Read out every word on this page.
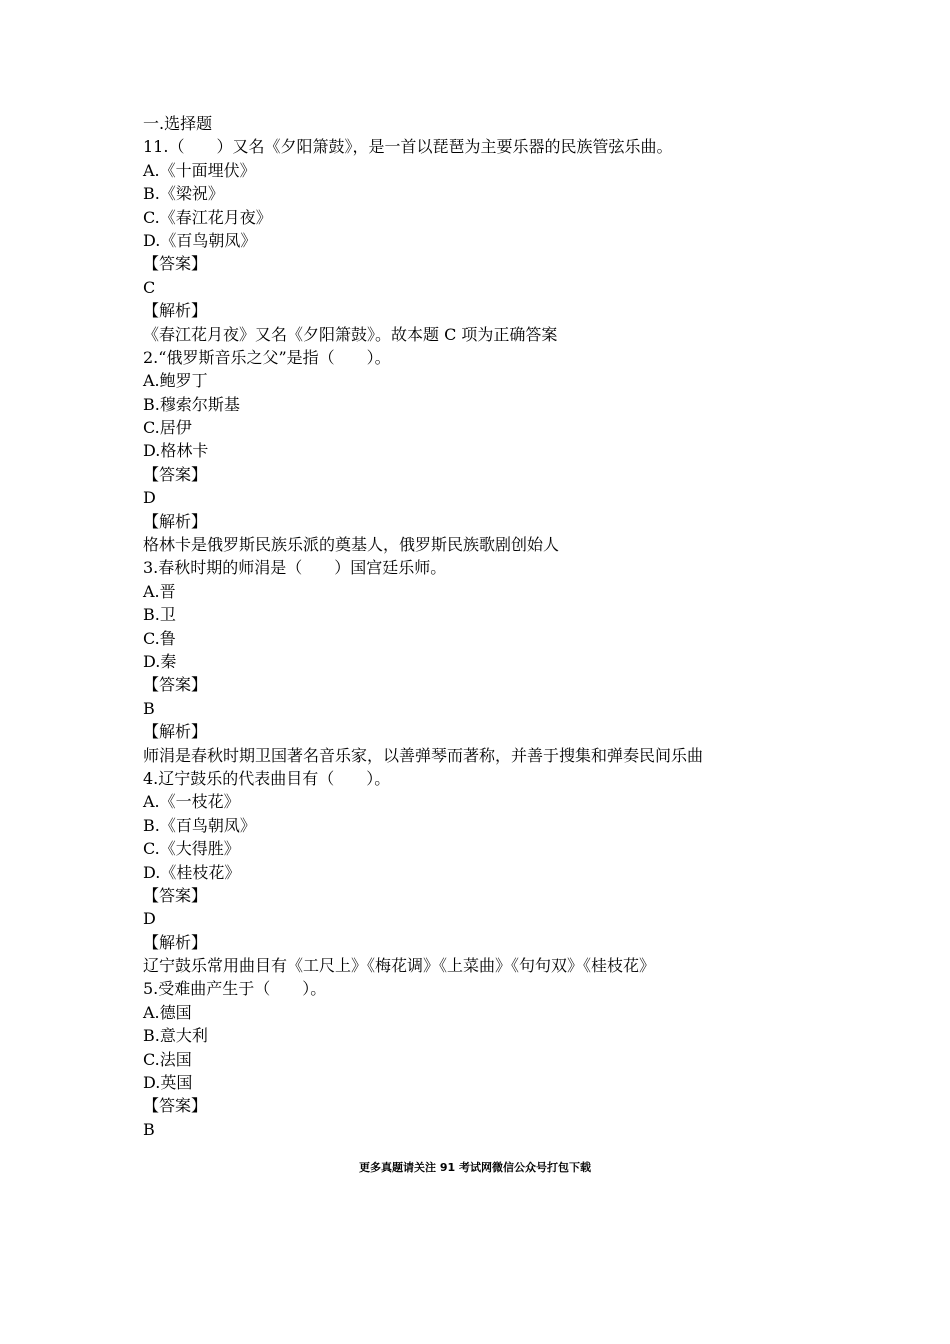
一.选择题
11.（　　）又名《夕阳箫鼓》，是一首以琵琶为主要乐器的民族管弦乐曲。
A.《十面埋伏》
B.《梁祝》
C.《春江花月夜》
D.《百鸟朝凤》
【答案】
C
【解析】
《春江花月夜》又名《夕阳箫鼓》。故本题 C 项为正确答案
2.“俄罗斯音乐之父”是指（　　）。
A.鲍罗丁
B.穆索尔斯基
C.居伊
D.格林卡
【答案】
D
【解析】
格林卡是俄罗斯民族乐派的奠基人，俄罗斯民族歌剧创始人
3.春秋时期的师涓是（　　）国宫廷乐师。
A.晋
B.卫
C.鲁
D.秦
【答案】
B
【解析】
师涓是春秋时期卫国著名音乐家，以善弹琴而著称，并善于搜集和弹奏民间乐曲
4.辽宁鼓乐的代表曲目有（　　）。
A.《一枝花》
B.《百鸟朝凤》
C.《大得胜》
D.《桂枝花》
【答案】
D
【解析】
辽宁鼓乐常用曲目有《工尺上》《梅花调》《上菜曲》《句句双》《桂枝花》
5.受难曲产生于（　　）。
A.德国
B.意大利
C.法国
D.英国
【答案】
B
更多真题请关注 91 考试网微信公众号打包下载
